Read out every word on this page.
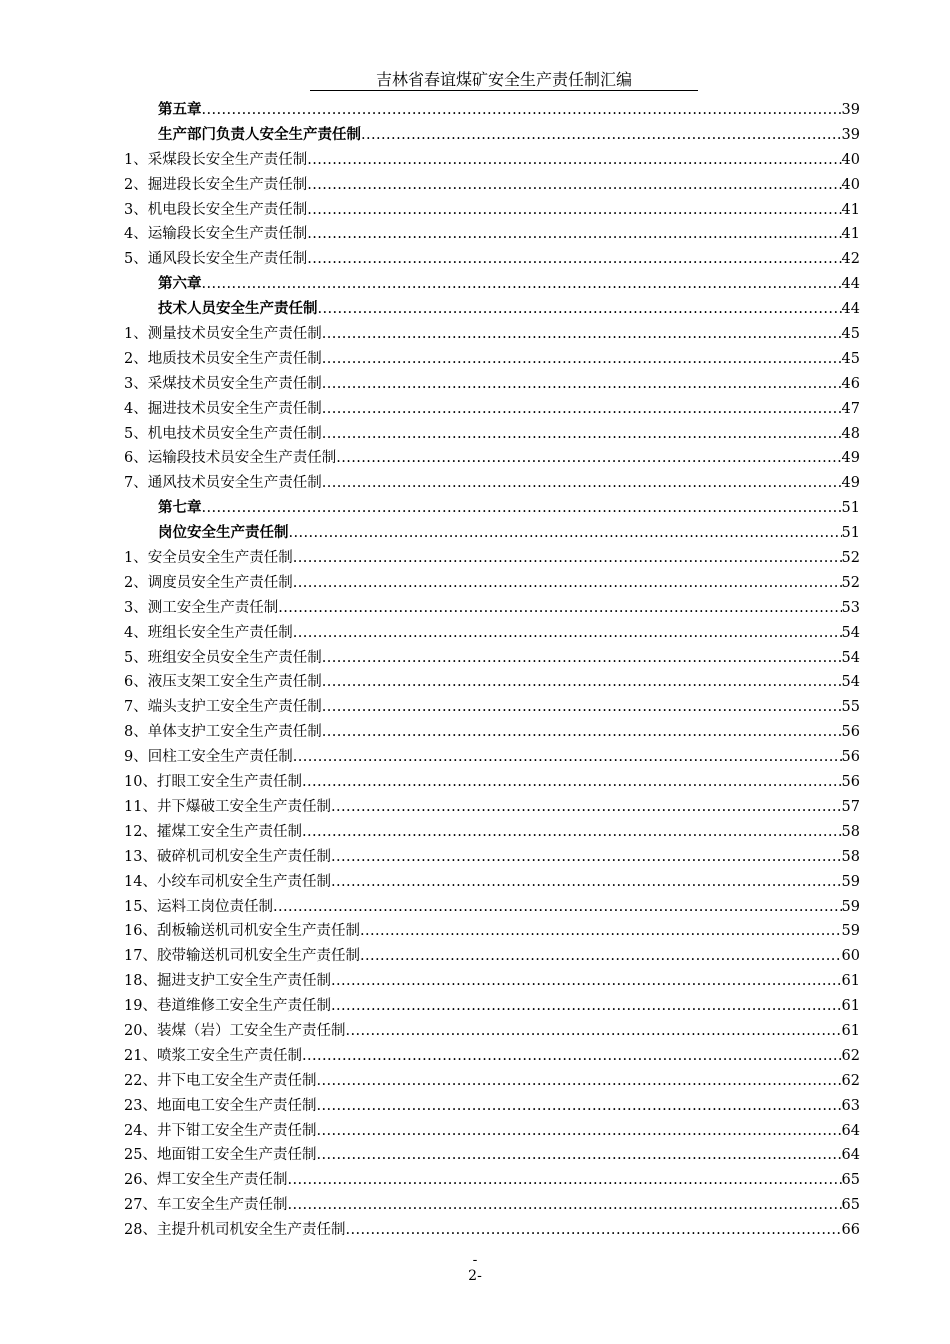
吉林省春谊煤矿安全生产责任制汇编
第五章 .....	39
生产部门负责人安全生产责任制 .....	39
1、采煤段长安全生产责任制 .....	40
2、掘进段长安全生产责任制 .....	40
3、机电段长安全生产责任制 .....	41
4、运输段长安全生产责任制 .....	41
5、通风段长安全生产责任制 .....	42
第六章 .....	44
技术人员安全生产责任制 .....	44
1、测量技术员安全生产责任制 .....	45
2、地质技术员安全生产责任制 .....	45
3、采煤技术员安全生产责任制 .....	46
4、掘进技术员安全生产责任制 .....	47
5、机电技术员安全生产责任制 .....	48
6、运输段技术员安全生产责任制 .....	49
7、通风技术员安全生产责任制 .....	49
第七章 .....	51
岗位安全生产责任制 .....	51
1、安全员安全生产责任制 .....	52
2、调度员安全生产责任制 .....	52
3、测工安全生产责任制 .....	53
4、班组长安全生产责任制 .....	54
5、班组安全员安全生产责任制 .....	54
6、液压支架工安全生产责任制 .....	54
7、端头支护工安全生产责任制 .....	55
8、单体支护工安全生产责任制 .....	56
9、回柱工安全生产责任制 .....	56
10、打眼工安全生产责任制 .....	56
11、井下爆破工安全生产责任制 .....	57
12、攉煤工安全生产责任制 .....	58
13、破碎机司机安全生产责任制 .....	58
14、小绞车司机安全生产责任制 .....	59
15、运料工岗位责任制 .....	59
16、刮板输送机司机安全生产责任制 .....	59
17、胶带输送机司机安全生产责任制 .....	60
18、掘进支护工安全生产责任制 .....	61
19、巷道维修工安全生产责任制 .....	61
20、装煤（岩）工安全生产责任制 .....	61
21、喷浆工安全生产责任制 .....	62
22、井下电工安全生产责任制 .....	62
23、地面电工安全生产责任制 .....	63
24、井下钳工安全生产责任制 .....	64
25、地面钳工安全生产责任制 .....	64
26、焊工安全生产责任制 .....	65
27、车工安全生产责任制 .....	65
28、主提升机司机安全生产责任制 .....	66
-
2-
